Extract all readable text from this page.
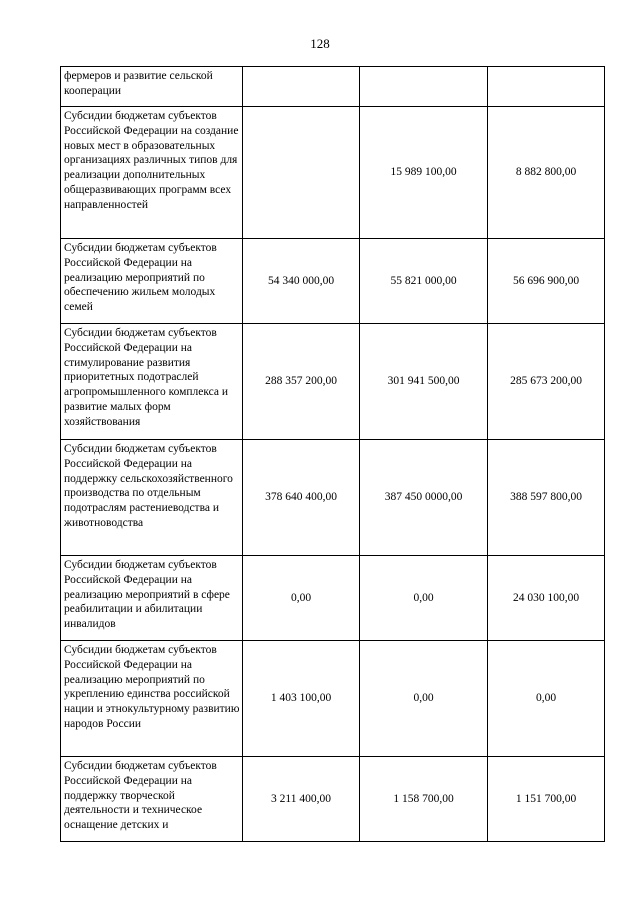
128
фермеров и развитие сельской кооперации			
Субсидии бюджетам субъектов Российской Федерации на создание новых мест в образовательных организациях различных типов для реализации дополнительных общеразвивающих программ всех направленностей		15 989 100,00	8 882 800,00
Субсидии бюджетам субъектов Российской Федерации на реализацию мероприятий по обеспечению жильем молодых семей	54 340 000,00	55 821 000,00	56 696 900,00
Субсидии бюджетам субъектов Российской Федерации на стимулирование развития приоритетных подотраслей агропромышленного комплекса и развитие малых форм хозяйствования	288 357 200,00	301 941 500,00	285 673 200,00
Субсидии бюджетам субъектов Российской Федерации на поддержку сельскохозяйственного производства по отдельным подотраслям растениеводства и животноводства	378 640 400,00	387 450 0000,00	388 597 800,00
Субсидии бюджетам субъектов Российской Федерации на реализацию мероприятий в сфере реабилитации и абилитации инвалидов	0,00	0,00	24 030 100,00
Субсидии бюджетам субъектов Российской Федерации на реализацию мероприятий по укреплению единства российской нации и этнокультурному развитию народов России	1 403 100,00	0,00	0,00
Субсидии бюджетам субъектов Российской Федерации на поддержку творческой деятельности и техническое оснащение детских и	3 211 400,00	1 158 700,00	1 151 700,00
